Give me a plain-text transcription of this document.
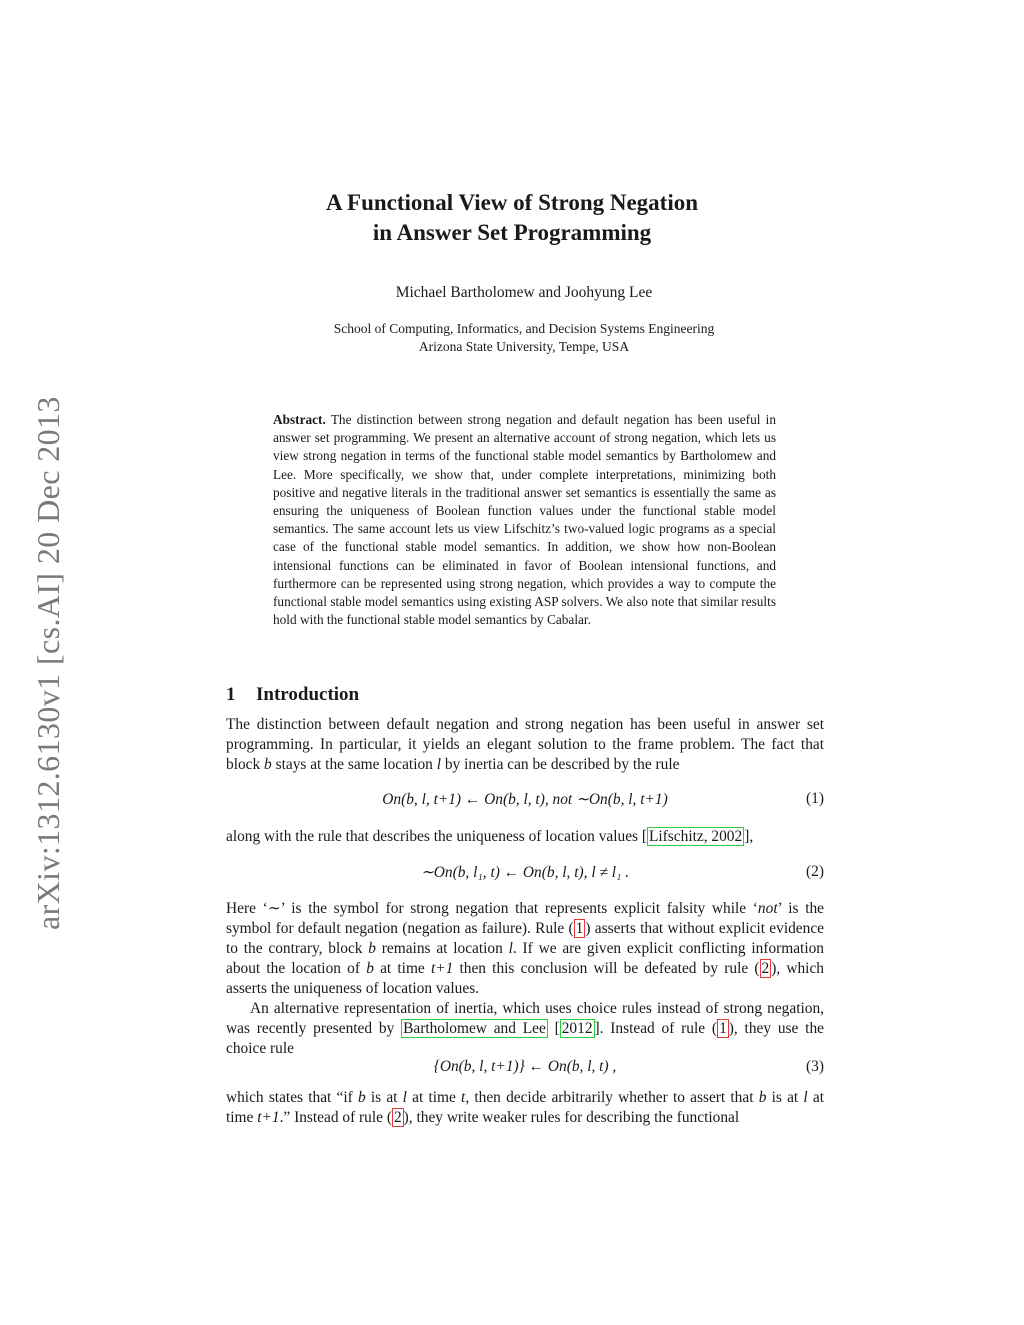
arXiv:1312.6130v1 [cs.AI] 20 Dec 2013
A Functional View of Strong Negation
in Answer Set Programming
Michael Bartholomew and Joohyung Lee
School of Computing, Informatics, and Decision Systems Engineering
Arizona State University, Tempe, USA
Abstract. The distinction between strong negation and default negation has been useful in answer set programming. We present an alternative account of strong negation, which lets us view strong negation in terms of the functional stable model semantics by Bartholomew and Lee. More specifically, we show that, under complete interpretations, minimizing both positive and negative literals in the traditional answer set semantics is essentially the same as ensuring the uniqueness of Boolean function values under the functional stable model semantics. The same account lets us view Lifschitz’s two-valued logic programs as a special case of the functional stable model semantics. In addition, we show how non-Boolean intensional functions can be eliminated in favor of Boolean intensional functions, and furthermore can be represented using strong negation, which provides a way to compute the functional stable model semantics using existing ASP solvers. We also note that similar results hold with the functional stable model semantics by Cabalar.
1 Introduction
The distinction between default negation and strong negation has been useful in answer set programming. In particular, it yields an elegant solution to the frame problem. The fact that block b stays at the same location l by inertia can be described by the rule
On(b, l, t+1) ← On(b, l, t), not ∼On(b, l, t+1)	(1)
along with the rule that describes the uniqueness of location values [ Lifschitz, 2002 ],
∼On(b, l₁, t) ← On(b, l, t), l ≠ l₁ .	(2)
Here ‘∼’ is the symbol for strong negation that represents explicit falsity while ‘not’ is the symbol for default negation (negation as failure). Rule ( 1 ) asserts that without explicit evidence to the contrary, block b remains at location l. If we are given explicit conflicting information about the location of b at time t+1 then this conclusion will be defeated by rule ( 2 ), which asserts the uniqueness of location values.
An alternative representation of inertia, which uses choice rules instead of strong negation, was recently presented by Bartholomew and Lee [ 2012 ]. Instead of rule ( 1 ), they use the choice rule
{On(b, l, t+1)} ← On(b, l, t) ,	(3)
which states that “if b is at l at time t, then decide arbitrarily whether to assert that b is at l at time t+1.” Instead of rule ( 2 ), they write weaker rules for describing the functional
